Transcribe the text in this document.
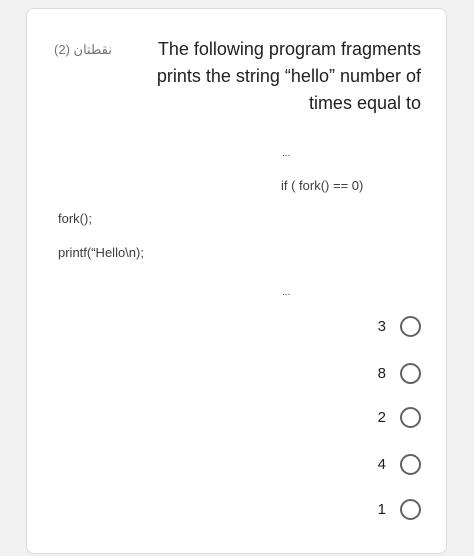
نقطتان (2)	The following program fragments prints the string “hello” number of times equal to
...
if ( fork() == 0)
fork();
printf(“Hello\n);
...
3
8
2
4
1
